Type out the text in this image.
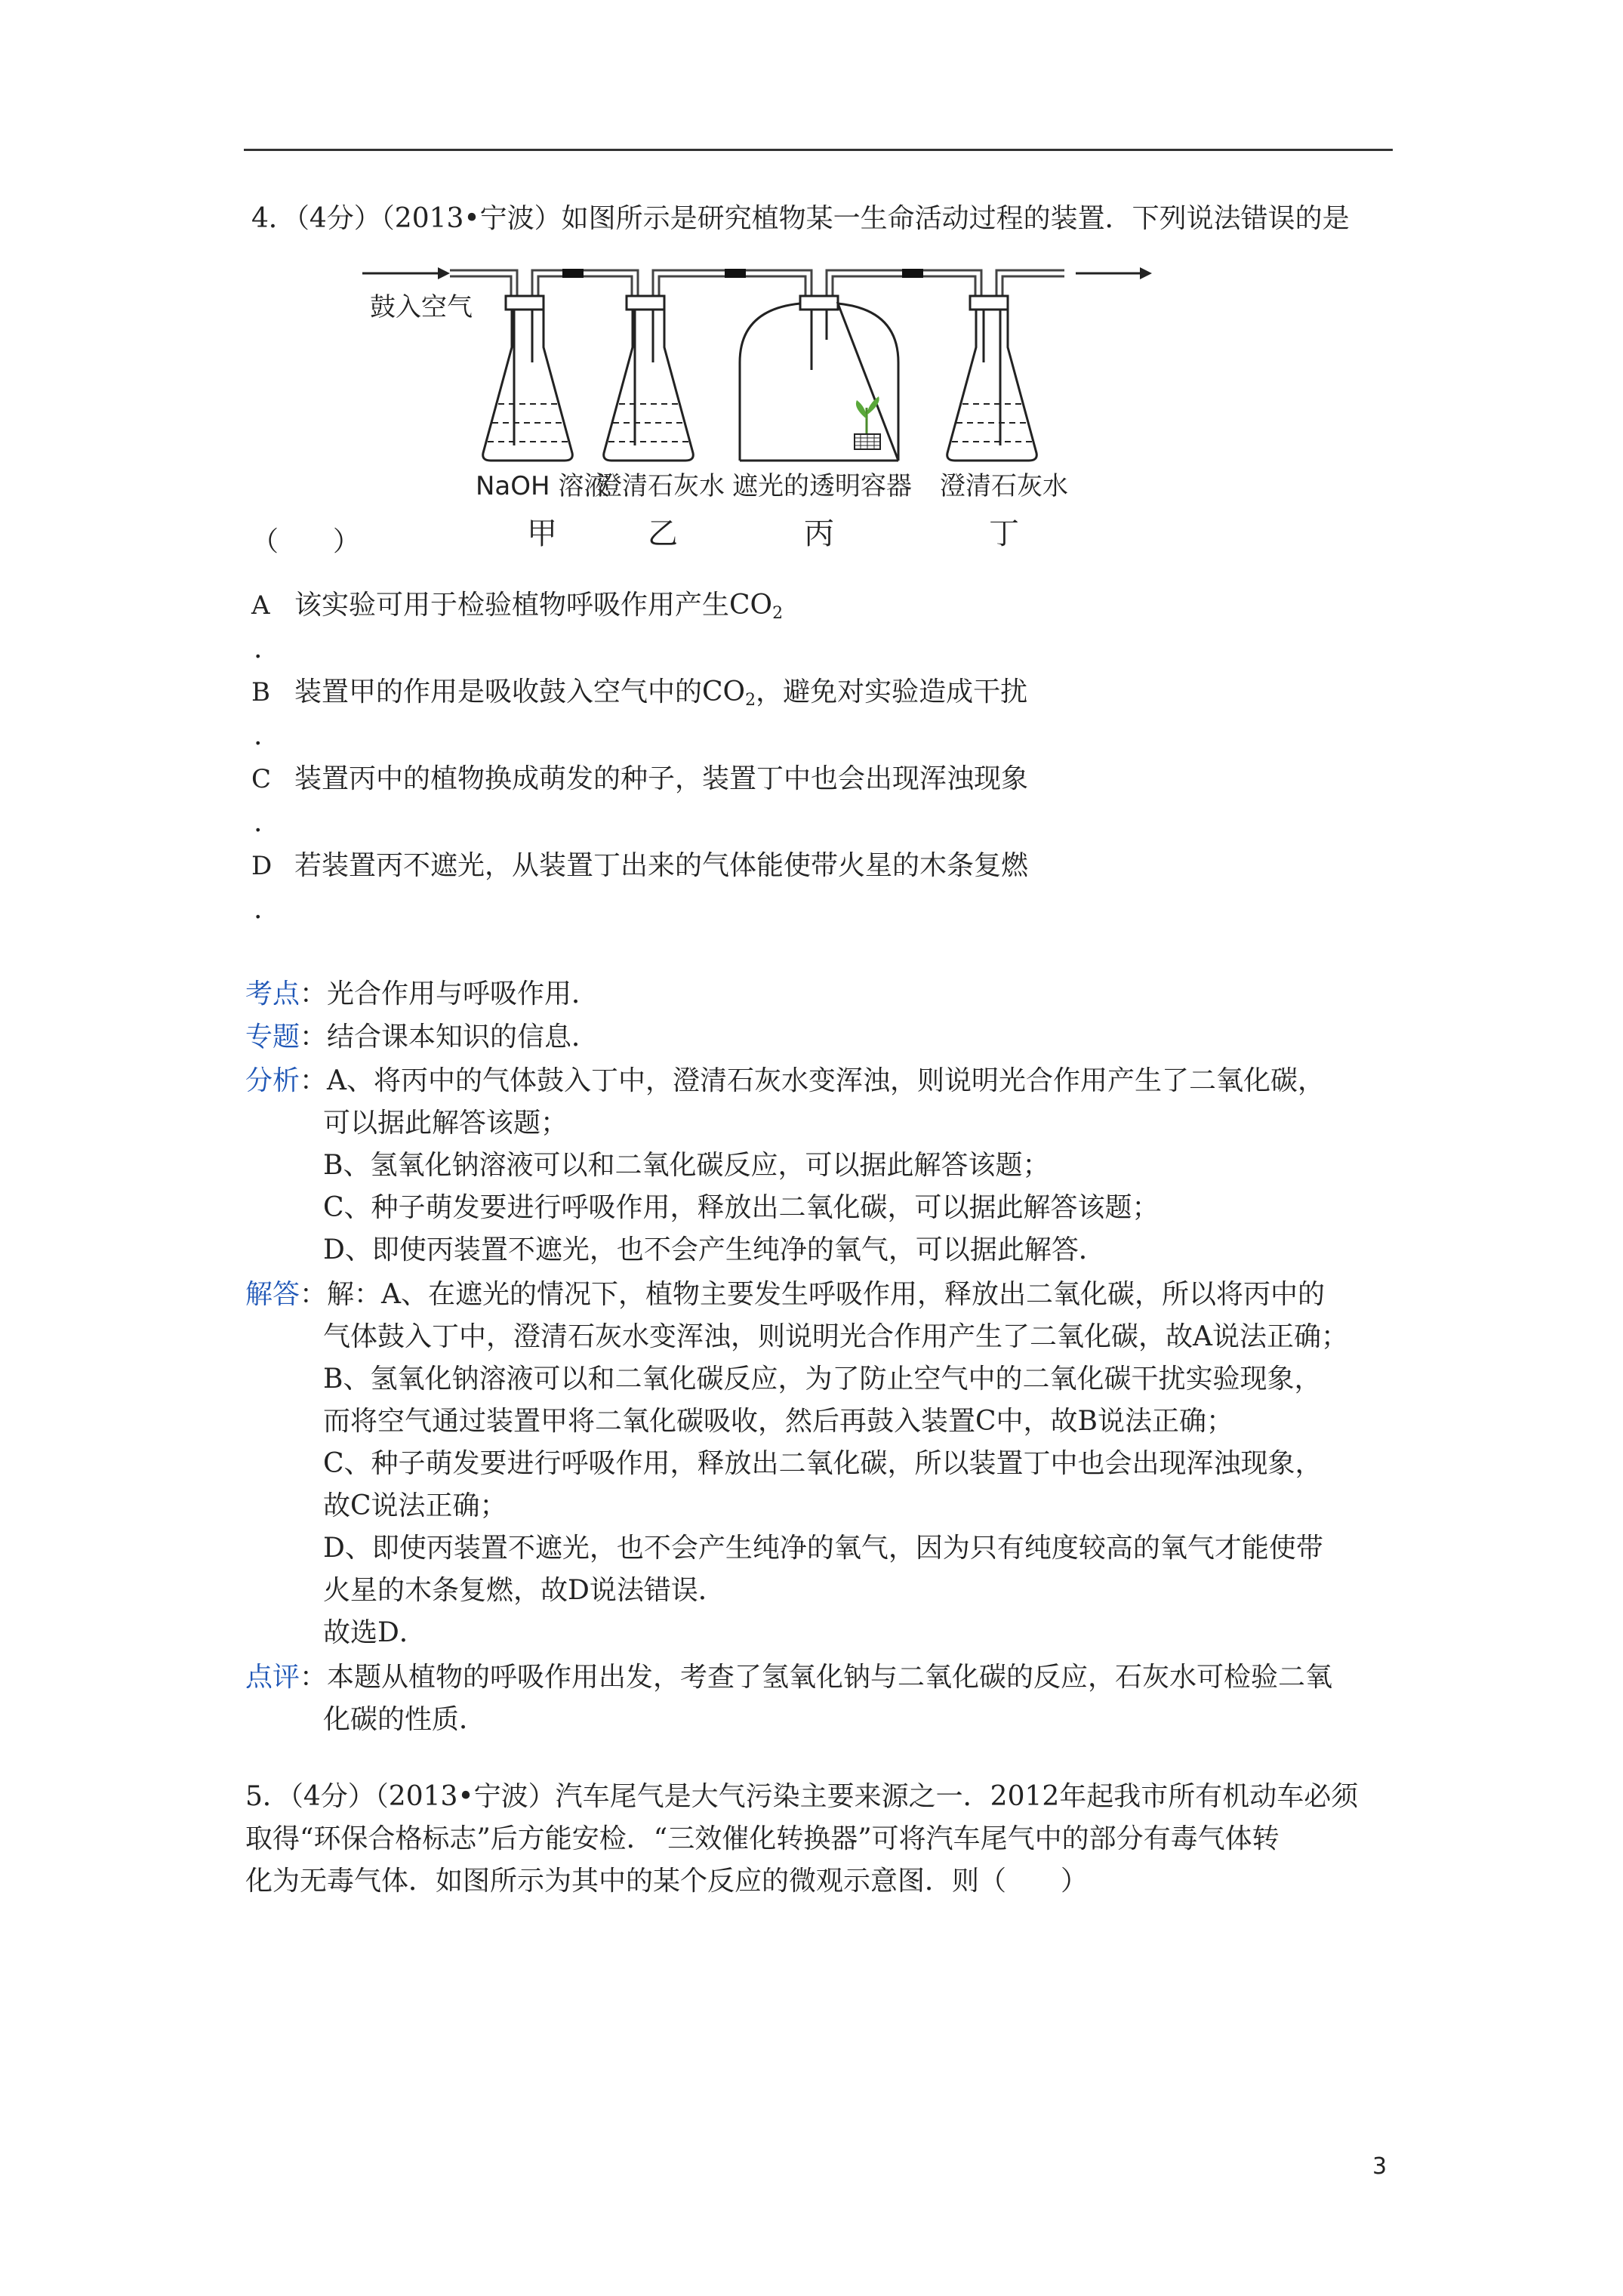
4．（4分）（2013•宁波）如图所示是研究植物某一生命活动过程的装置．下列说法错误的是
鼓入空气
NaOH 溶液
澄清石灰水 遮光的透明容器 澄清石灰水
甲	乙	丙	丁
（　　）
A 该实验可用于检验植物呼吸作用产生$CO_2$
.
B 装置甲的作用是吸收鼓入空气中的$CO_2$，避免对实验造成干扰
.
C 装置丙中的植物换成萌发的种子，装置丁中也会出现浑浊现象
.
D 若装置丙不遮光，从装置丁出来的气体能使带火星的木条复燃
.
考点：光合作用与呼吸作用．
专题：结合课本知识的信息．
分析：A、将丙中的气体鼓入丁中，澄清石灰水变浑浊，则说明光合作用产生了二氧化碳，
可以据此解答该题；
B、氢氧化钠溶液可以和二氧化碳反应，可以据此解答该题；
C、种子萌发要进行呼吸作用，释放出二氧化碳，可以据此解答该题；
D、即使丙装置不遮光，也不会产生纯净的氧气，可以据此解答．
解答：解：A、在遮光的情况下，植物主要发生呼吸作用，释放出二氧化碳，所以将丙中的
气体鼓入丁中，澄清石灰水变浑浊，则说明光合作用产生了二氧化碳，故A说法正确；
B、氢氧化钠溶液可以和二氧化碳反应，为了防止空气中的二氧化碳干扰实验现象，
而将空气通过装置甲将二氧化碳吸收，然后再鼓入装置C中，故B说法正确；
C、种子萌发要进行呼吸作用，释放出二氧化碳，所以装置丁中也会出现浑浊现象，
故C说法正确；
D、即使丙装置不遮光，也不会产生纯净的氧气，因为只有纯度较高的氧气才能使带
火星的木条复燃，故D说法错误．
故选D．
点评：本题从植物的呼吸作用出发，考查了氢氧化钠与二氧化碳的反应，石灰水可检验二氧
化碳的性质．
5．（4分）（2013•宁波）汽车尾气是大气污染主要来源之一．2012年起我市所有机动车必须
取得“环保合格标志”后方能安检．“三效催化转换器”可将汽车尾气中的部分有毒气体转
化为无毒气体．如图所示为其中的某个反应的微观示意图．则（　　）
3
